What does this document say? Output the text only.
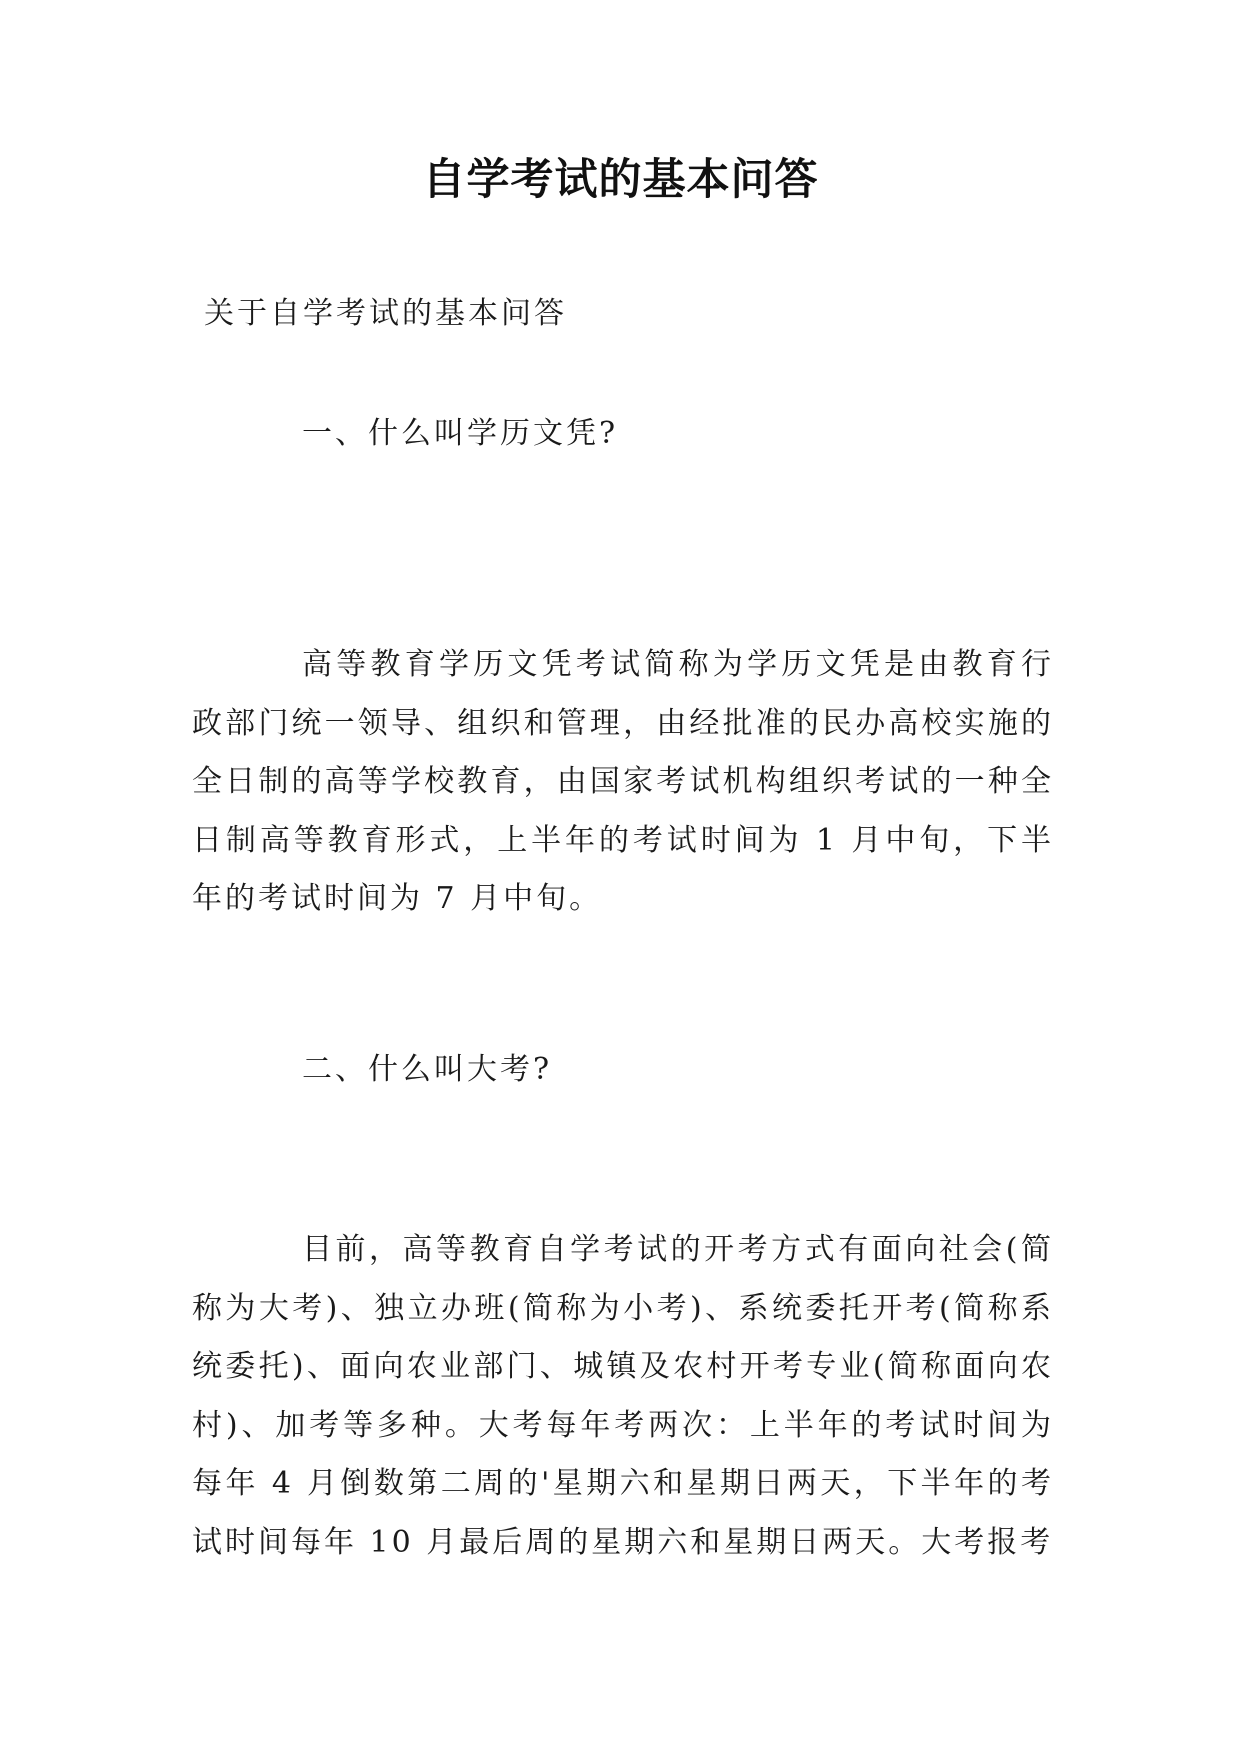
自学考试的基本问答
关于自学考试的基本问答
一、什么叫学历文凭?

高等教育学历文凭考试简称为学历文凭是由教育行政部门统一领导、组织和管理，由经批准的民办高校实施的全日制的高等学校教育，由国家考试机构组织考试的一种全日制高等教育形式，上半年的考试时间为 1 月中旬，下半年的考试时间为 7 月中旬。

二、什么叫大考?

目前，高等教育自学考试的开考方式有面向社会(简称为大考)、独立办班(简称为小考)、系统委托开考(简称系统委托)、面向农业部门、城镇及农村开考专业(简称面向农村)、加考等多种。大考每年考两次：上半年的考试时间为每年 4 月倒数第二周的'星期六和星期日两天，下半年的考试时间每年 10 月最后周的星期六和星期日两天。大考报考
